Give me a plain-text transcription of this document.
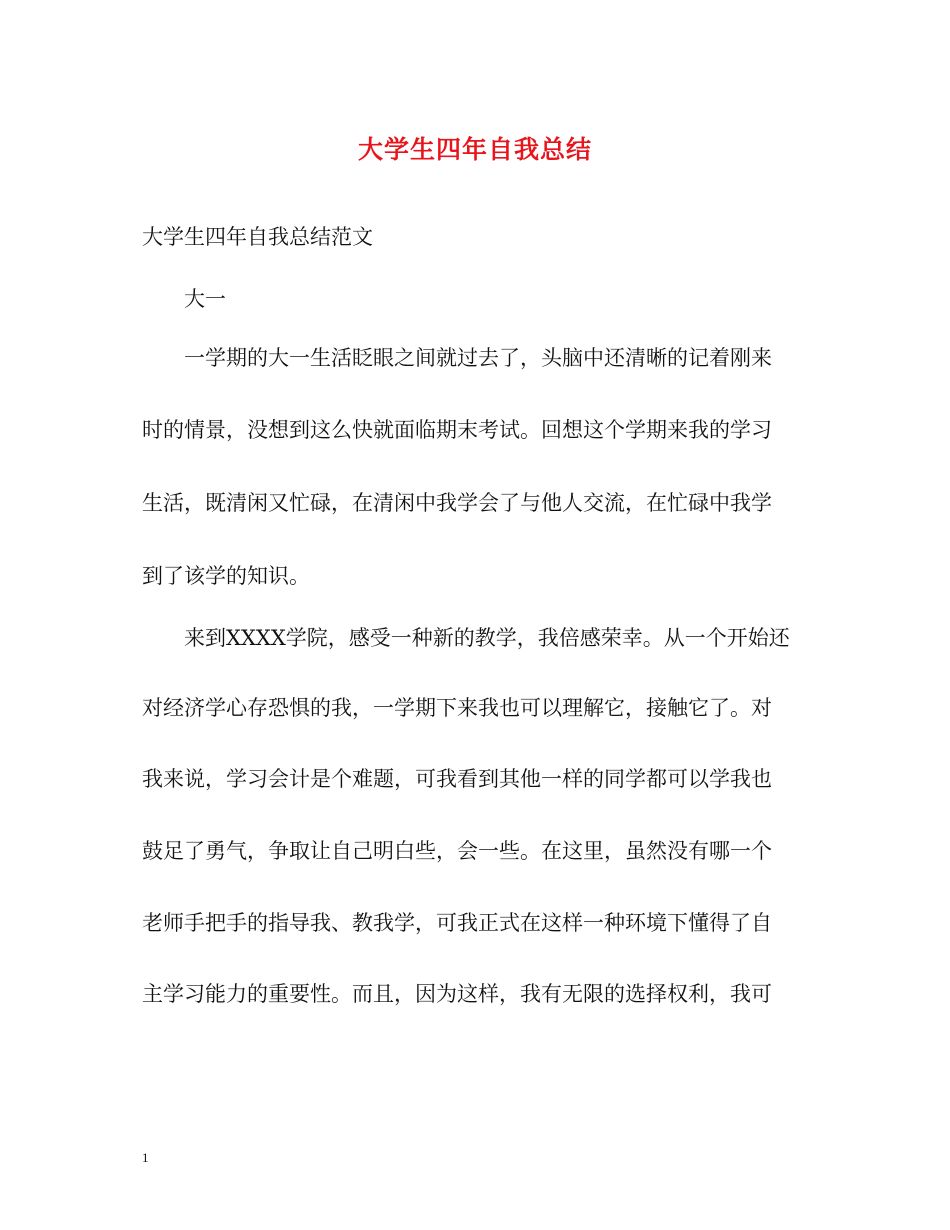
大学生四年自我总结
大学生四年自我总结范文
大一
一学期的大一生活眨眼之间就过去了，头脑中还清晰的记着刚来
时的情景，没想到这么快就面临期末考试。回想这个学期来我的学习
生活，既清闲又忙碌，在清闲中我学会了与他人交流，在忙碌中我学
到了该学的知识。
来到XXXX学院，感受一种新的教学，我倍感荣幸。从一个开始还
对经济学心存恐惧的我，一学期下来我也可以理解它，接触它了。对
我来说，学习会计是个难题，可我看到其他一样的同学都可以学我也
鼓足了勇气，争取让自己明白些，会一些。在这里，虽然没有哪一个
老师手把手的指导我、教我学，可我正式在这样一种环境下懂得了自
主学习能力的重要性。而且，因为这样，我有无限的选择权利，我可
1
